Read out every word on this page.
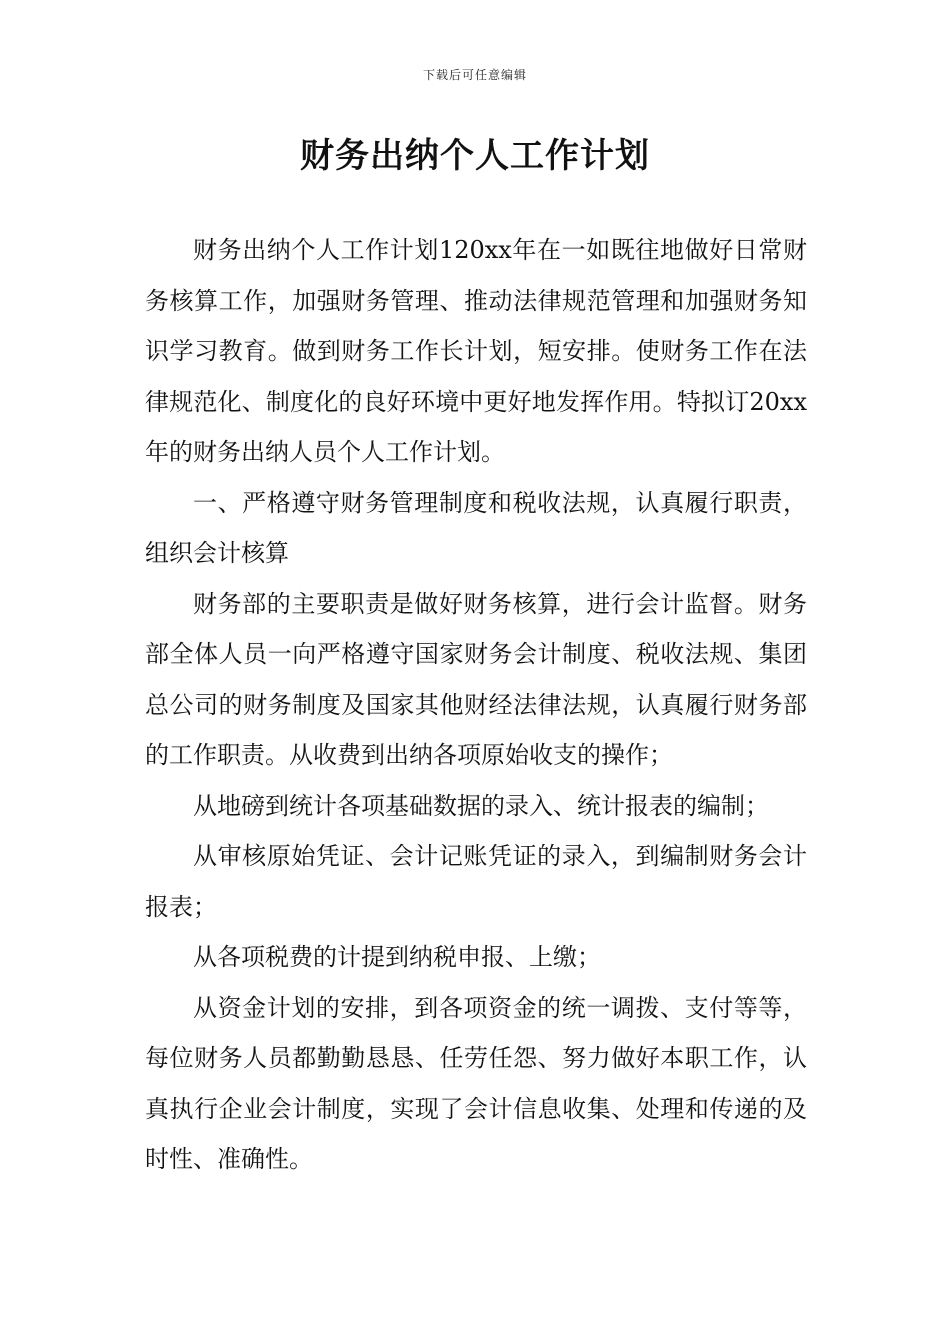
下载后可任意编辑
财务出纳个人工作计划

财务出纳个人工作计划120xx年在一如既往地做好日常财务核算工作，加强财务管理、推动法律规范管理和加强财务知识学习教育。做到财务工作长计划，短安排。使财务工作在法律规范化、制度化的良好环境中更好地发挥作用。特拟订20xx年的财务出纳人员个人工作计划。

一、严格遵守财务管理制度和税收法规，认真履行职责，组织会计核算

财务部的主要职责是做好财务核算，进行会计监督。财务部全体人员一向严格遵守国家财务会计制度、税收法规、集团总公司的财务制度及国家其他财经法律法规，认真履行财务部的工作职责。从收费到出纳各项原始收支的操作；

从地磅到统计各项基础数据的录入、统计报表的编制；

从审核原始凭证、会计记账凭证的录入，到编制财务会计报表；

从各项税费的计提到纳税申报、上缴；

从资金计划的安排，到各项资金的统一调拨、支付等等，每位财务人员都勤勤恳恳、任劳任怨、努力做好本职工作，认真执行企业会计制度，实现了会计信息收集、处理和传递的及时性、准确性。
